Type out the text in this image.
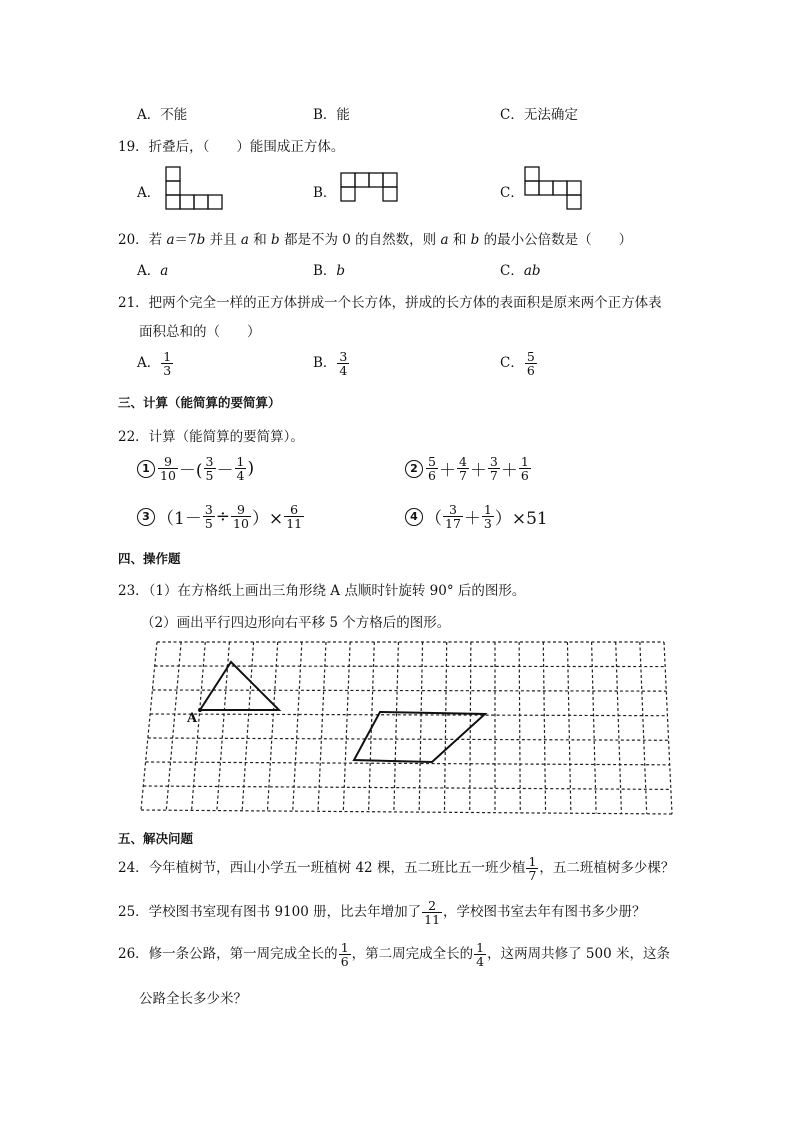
A．不能	B．能	C．无法确定
19．折叠后，（　　）能围成正方体。
A．	B．	C．
20．若 a＝7b 并且 a 和 b 都是不为 0 的自然数，则 a 和 b 的最小公倍数是（　　）
A．a	B．b	C．ab
21．把两个完全一样的正方体拼成一个长方体，拼成的长方体的表面积是原来两个正方体表
面积总和的（　　）
A． $\frac{1}{3}$	B． $\frac{3}{4}$	C． $\frac{5}{6}$
三、计算（能简算的要简算）
22．计算（能简算的要简算）。
$1 \frac{9}{10}$ －( $\frac{3}{5} - \frac{1}{4}$ )	$2 \frac{5}{6} + \frac{4}{7} + \frac{3}{7} + \frac{1}{6}$
3 （$1- \frac{3}{5} \div \frac{9}{10}$ ）× $\frac{6}{11}$	4 （ $\frac{3}{17} + \frac{1}{3} )\times 51$
四、操作题
23．（1）在方格纸上画出三角形绕 A 点顺时针旋转 90° 后的图形。
（2）画出平行四边形向右平移 5 个方格后的图形。
A
五、解决问题
24．今年植树节，西山小学五一班植树 42 棵，五二班比五一班少植 $\frac{1}{7}$ ，五二班植树多少棵？
25．学校图书室现有图书 9100 册，比去年增加了 $\frac{2}{11}$ ，学校图书室去年有图书多少册？
26．修一条公路，第一周完成全长的 $\frac{1}{6}$ ，第二周完成全长的 $\frac{1}{4}$ ，这两周共修了 500 米，这条
公路全长多少米？
